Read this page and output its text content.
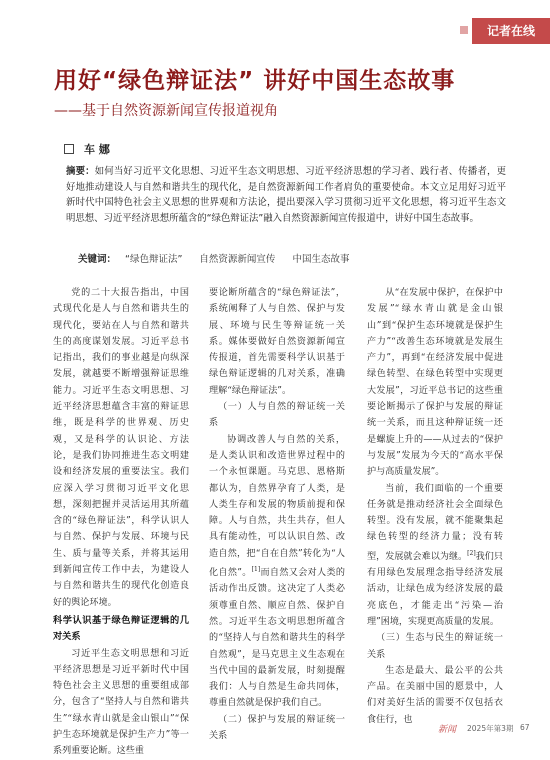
记者在线
用好“绿色辩证法” 讲好中国生态故事
——基于自然资源新闻宣传报道视角
车 娜
摘要：如何当好习近平文化思想、习近平生态文明思想、习近平经济思想的学习者、践行者、传播者，更好地推动建设人与自然和谐共生的现代化，是自然资源新闻工作者肩负的重要使命。本文立足用好习近平新时代中国特色社会主义思想的世界观和方法论，提出要深入学习贯彻习近平文化思想，将习近平生态文明思想、习近平经济思想所蕴含的“绿色辩证法”融入自然资源新闻宣传报道中，讲好中国生态故事。
关键词： “绿色辩证法” 自然资源新闻宣传 中国生态故事

党的二十大报告指出，中国式现代化是人与自然和谐共生的现代化，要站在人与自然和谐共生的高度谋划发展。习近平总书记指出，我们的事业越是向纵深发展，就越要不断增强辩证思维能力。习近平生态文明思想、习近平经济思想蕴含丰富的辩证思维，既是科学的世界观、历史观，又是科学的认识论、方法论，是我们协同推进生态文明建设和经济发展的重要法宝。我们应深入学习贯彻习近平文化思想，深刻把握并灵活运用其所蕴含的“绿色辩证法”，科学认识人与自然、保护与发展、环境与民生、质与量等关系，并将其运用到新闻宣传工作中去，为建设人与自然和谐共生的现代化创造良好的舆论环境。

科学认识基于绿色辩证逻辑的几对关系

习近平生态文明思想和习近平经济思想是习近平新时代中国特色社会主义思想的重要组成部分，包含了“坚持人与自然和谐共生”“绿水青山就是金山银山”“保护生态环境就是保护生产力”等一系列重要论断。这些重

要论断所蕴含的“绿色辩证法”，系统阐释了人与自然、保护与发展、环境与民生等辩证统一关系。媒体要做好自然资源新闻宣传报道，首先需要科学认识基于绿色辩证逻辑的几对关系，准确理解“绿色辩证法”。

（一）人与自然的辩证统一关系

协调改善人与自然的关系，是人类认识和改造世界过程中的一个永恒课题。马克思、恩格斯都认为，自然界孕育了人类，是人类生存和发展的物质前提和保障。人与自然，共生共存，但人具有能动性，可以认识自然、改造自然，把“自在自然”转化为“人化自然”。[1]而自然又会对人类的活动作出反馈。这决定了人类必须尊重自然、顺应自然、保护自然。习近平生态文明思想所蕴含的“坚持人与自然和谐共生的科学自然观”，是马克思主义生态观在当代中国的最新发展，时刻提醒我们：人与自然是生命共同体，尊重自然就是保护我们自己。

（二）保护与发展的辩证统一关系

从“在发展中保护，在保护中发展”“绿水青山就是金山银山”到“保护生态环境就是保护生产力”“改善生态环境就是发展生产力”，再到“在经济发展中促进绿色转型、在绿色转型中实现更大发展”，习近平总书记的这些重要论断揭示了保护与发展的辩证统一关系，而且这种辩证统一还是螺旋上升的——从过去的“保护与发展”发展为今天的“高水平保护与高质量发展”。

当前，我们面临的一个重要任务就是推动经济社会全面绿色转型。没有发展，就不能聚集起绿色转型的经济力量；没有转型，发展就会难以为继。[2]我们只有用绿色发展理念指导经济发展活动，让绿色成为经济发展的最亮底色，才能走出“污染—治理”困境，实现更高质量的发展。

（三）生态与民生的辩证统一关系

生态是最大、最公平的公共产品。在美丽中国的愿景中，人们对美好生活的需要不仅包括衣食住行，也

新闻 2025年第3期 67
